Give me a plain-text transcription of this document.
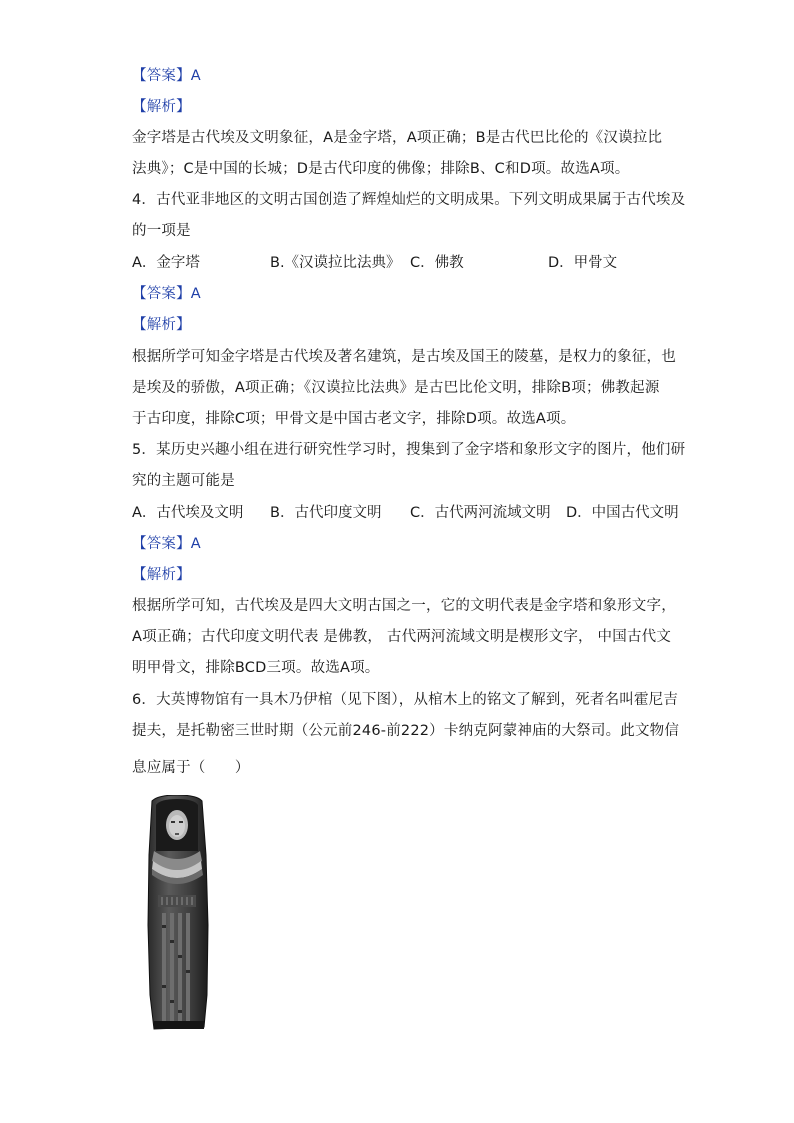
【答案】A
【解析】
金字塔是古代埃及文明象征，A是金字塔，A项正确；B是古代巴比伦的《汉谟拉比
法典》；C是中国的长城；D是古代印度的佛像；排除B、C和D项。故选A项。
4．古代亚非地区的文明古国创造了辉煌灿烂的文明成果。下列文明成果属于古代埃及
的一项是
A．金字塔	B.《汉谟拉比法典》 C．佛教	D．甲骨文
【答案】A
【解析】
根据所学可知金字塔是古代埃及著名建筑，是古埃及国王的陵墓，是权力的象征，也
是埃及的骄傲，A项正确；《汉谟拉比法典》是古巴比伦文明，排除B项；佛教起源
于古印度，排除C项；甲骨文是中国古老文字，排除D项。故选A项。
5．某历史兴趣小组在进行研究性学习时，搜集到了金字塔和象形文字的图片，他们研
究的主题可能是
A．古代埃及文明 B．古代印度文明 C．古代两河流域文明 D．中国古代文明
【答案】A
【解析】
根据所学可知，古代埃及是四大文明古国之一，它的文明代表是金字塔和象形文字，
A项正确；古代印度文明代表 是佛教， 古代两河流域文明是楔形文字， 中国古代文
明甲骨文，排除BCD三项。故选A项。
6．大英博物馆有一具木乃伊棺（见下图），从棺木上的铭文了解到，死者名叫霍尼吉
提夫，是托勒密三世时期（公元前246-前222）卡纳克阿蒙神庙的大祭司。此文物信
息应属于（　　）
